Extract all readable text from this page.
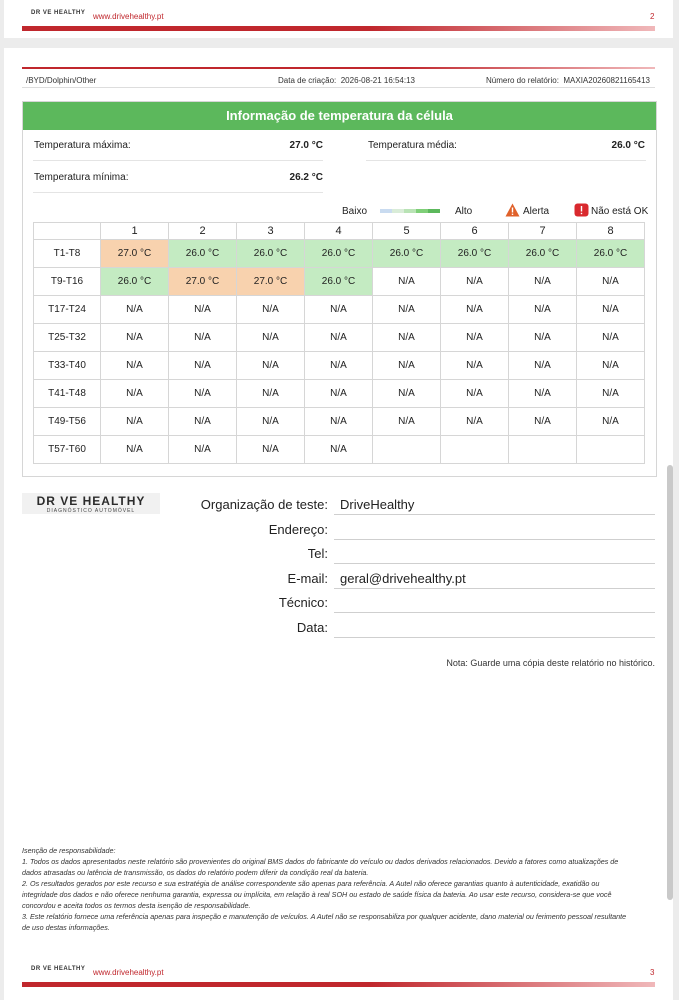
DR VE HEALTHY www.drivehealthy.pt	2
/BYD/Dolphin/Other	Data de criação: 2026-08-21 16:54:13	Número do relatório: MAXIA20260821165413
Informação de temperatura da célula
Temperatura máxima:	27.0 °C	Temperatura média:	26.0 °C
Temperatura mínima:	26.2 °C
Baixo	Alto	Alerta	Não está OK
	1	2	3	4	5	6	7	8
T1-T8	27.0 °C	26.0 °C	26.0 °C	26.0 °C	26.0 °C	26.0 °C	26.0 °C	26.0 °C
T9-T16	26.0 °C	27.0 °C	27.0 °C	26.0 °C	N/A	N/A	N/A	N/A
T17-T24	N/A	N/A	N/A	N/A	N/A	N/A	N/A	N/A
T25-T32	N/A	N/A	N/A	N/A	N/A	N/A	N/A	N/A
T33-T40	N/A	N/A	N/A	N/A	N/A	N/A	N/A	N/A
T41-T48	N/A	N/A	N/A	N/A	N/A	N/A	N/A	N/A
T49-T56	N/A	N/A	N/A	N/A	N/A	N/A	N/A	N/A
T57-T60	N/A	N/A	N/A	N/A				
DR VE HEALTHY
DIAGNÓSTICO AUTOMÓVEL	Organização de teste: DriveHealthy
Endereço:
Tel:
E-mail: geral@drivehealthy.pt
Técnico:
Data:
Nota: Guarde uma cópia deste relatório no histórico.

Isenção de responsabilidade:

1. Todos os dados apresentados neste relatório são provenientes do original BMS dados do fabricante do veículo ou dados derivados relacionados. Devido a fatores como atualizações de dados atrasadas ou latência de transmissão, os dados do relatório podem diferir da condição real da bateria.

2. Os resultados gerados por este recurso e sua estratégia de análise correspondente são apenas para referência. A Autel não oferece garantias quanto à autenticidade, exatidão ou integridade dos dados e não oferece nenhuma garantia, expressa ou implícita, em relação à real SOH ou estado de saúde física da bateria. Ao usar este recurso, considera-se que você concordou e aceita todos os termos desta isenção de responsabilidade.

3. Este relatório fornece uma referência apenas para inspeção e manutenção de veículos. A Autel não se responsabiliza por qualquer acidente, dano material ou ferimento pessoal resultante de uso destas informações.

DR VE HEALTHY www.drivehealthy.pt	3
